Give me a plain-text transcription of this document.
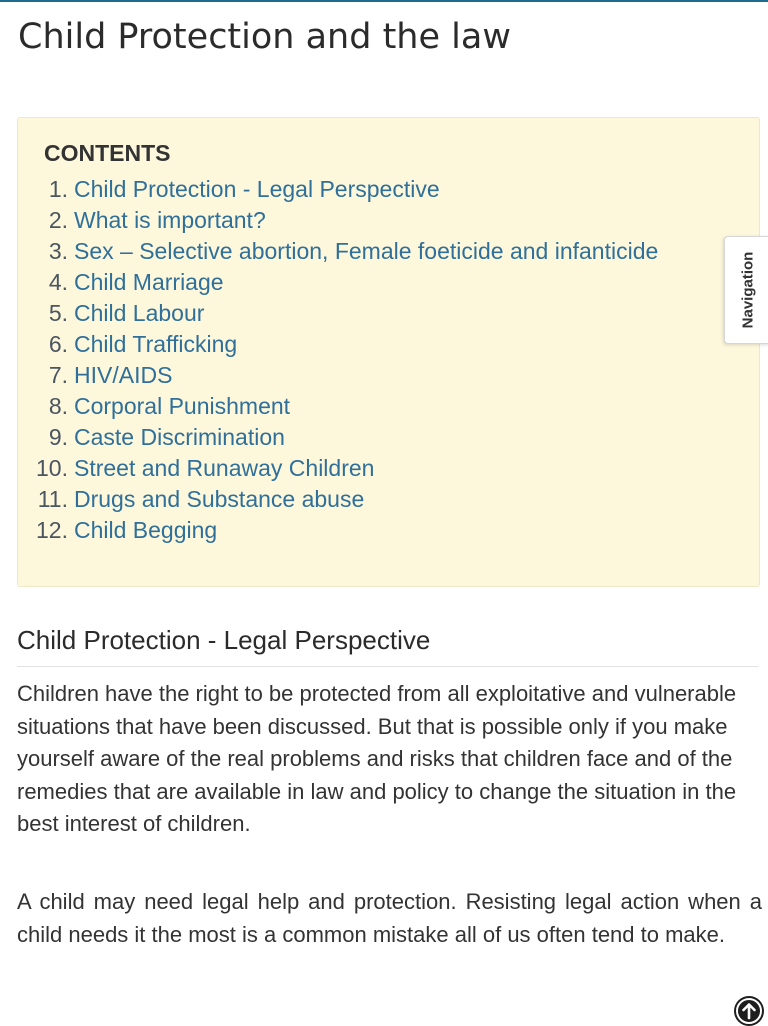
Child Protection and the law
CONTENTS
1. Child Protection - Legal Perspective
2. What is important?
3. Sex – Selective abortion, Female foeticide and infanticide
4. Child Marriage
5. Child Labour
6. Child Trafficking
7. HIV/AIDS
8. Corporal Punishment
9. Caste Discrimination
10. Street and Runaway Children
11. Drugs and Substance abuse
12. Child Begging
Navigation
Child Protection - Legal Perspective

Children have the right to be protected from all exploitative and vulnerable situations that have been discussed. But that is possible only if you make yourself aware of the real problems and risks that children face and of the remedies that are available in law and policy to change the situation in the best interest of children.

A child may need legal help and protection. Resisting legal action when a child needs it the most is a common mistake all of us often tend to make.
